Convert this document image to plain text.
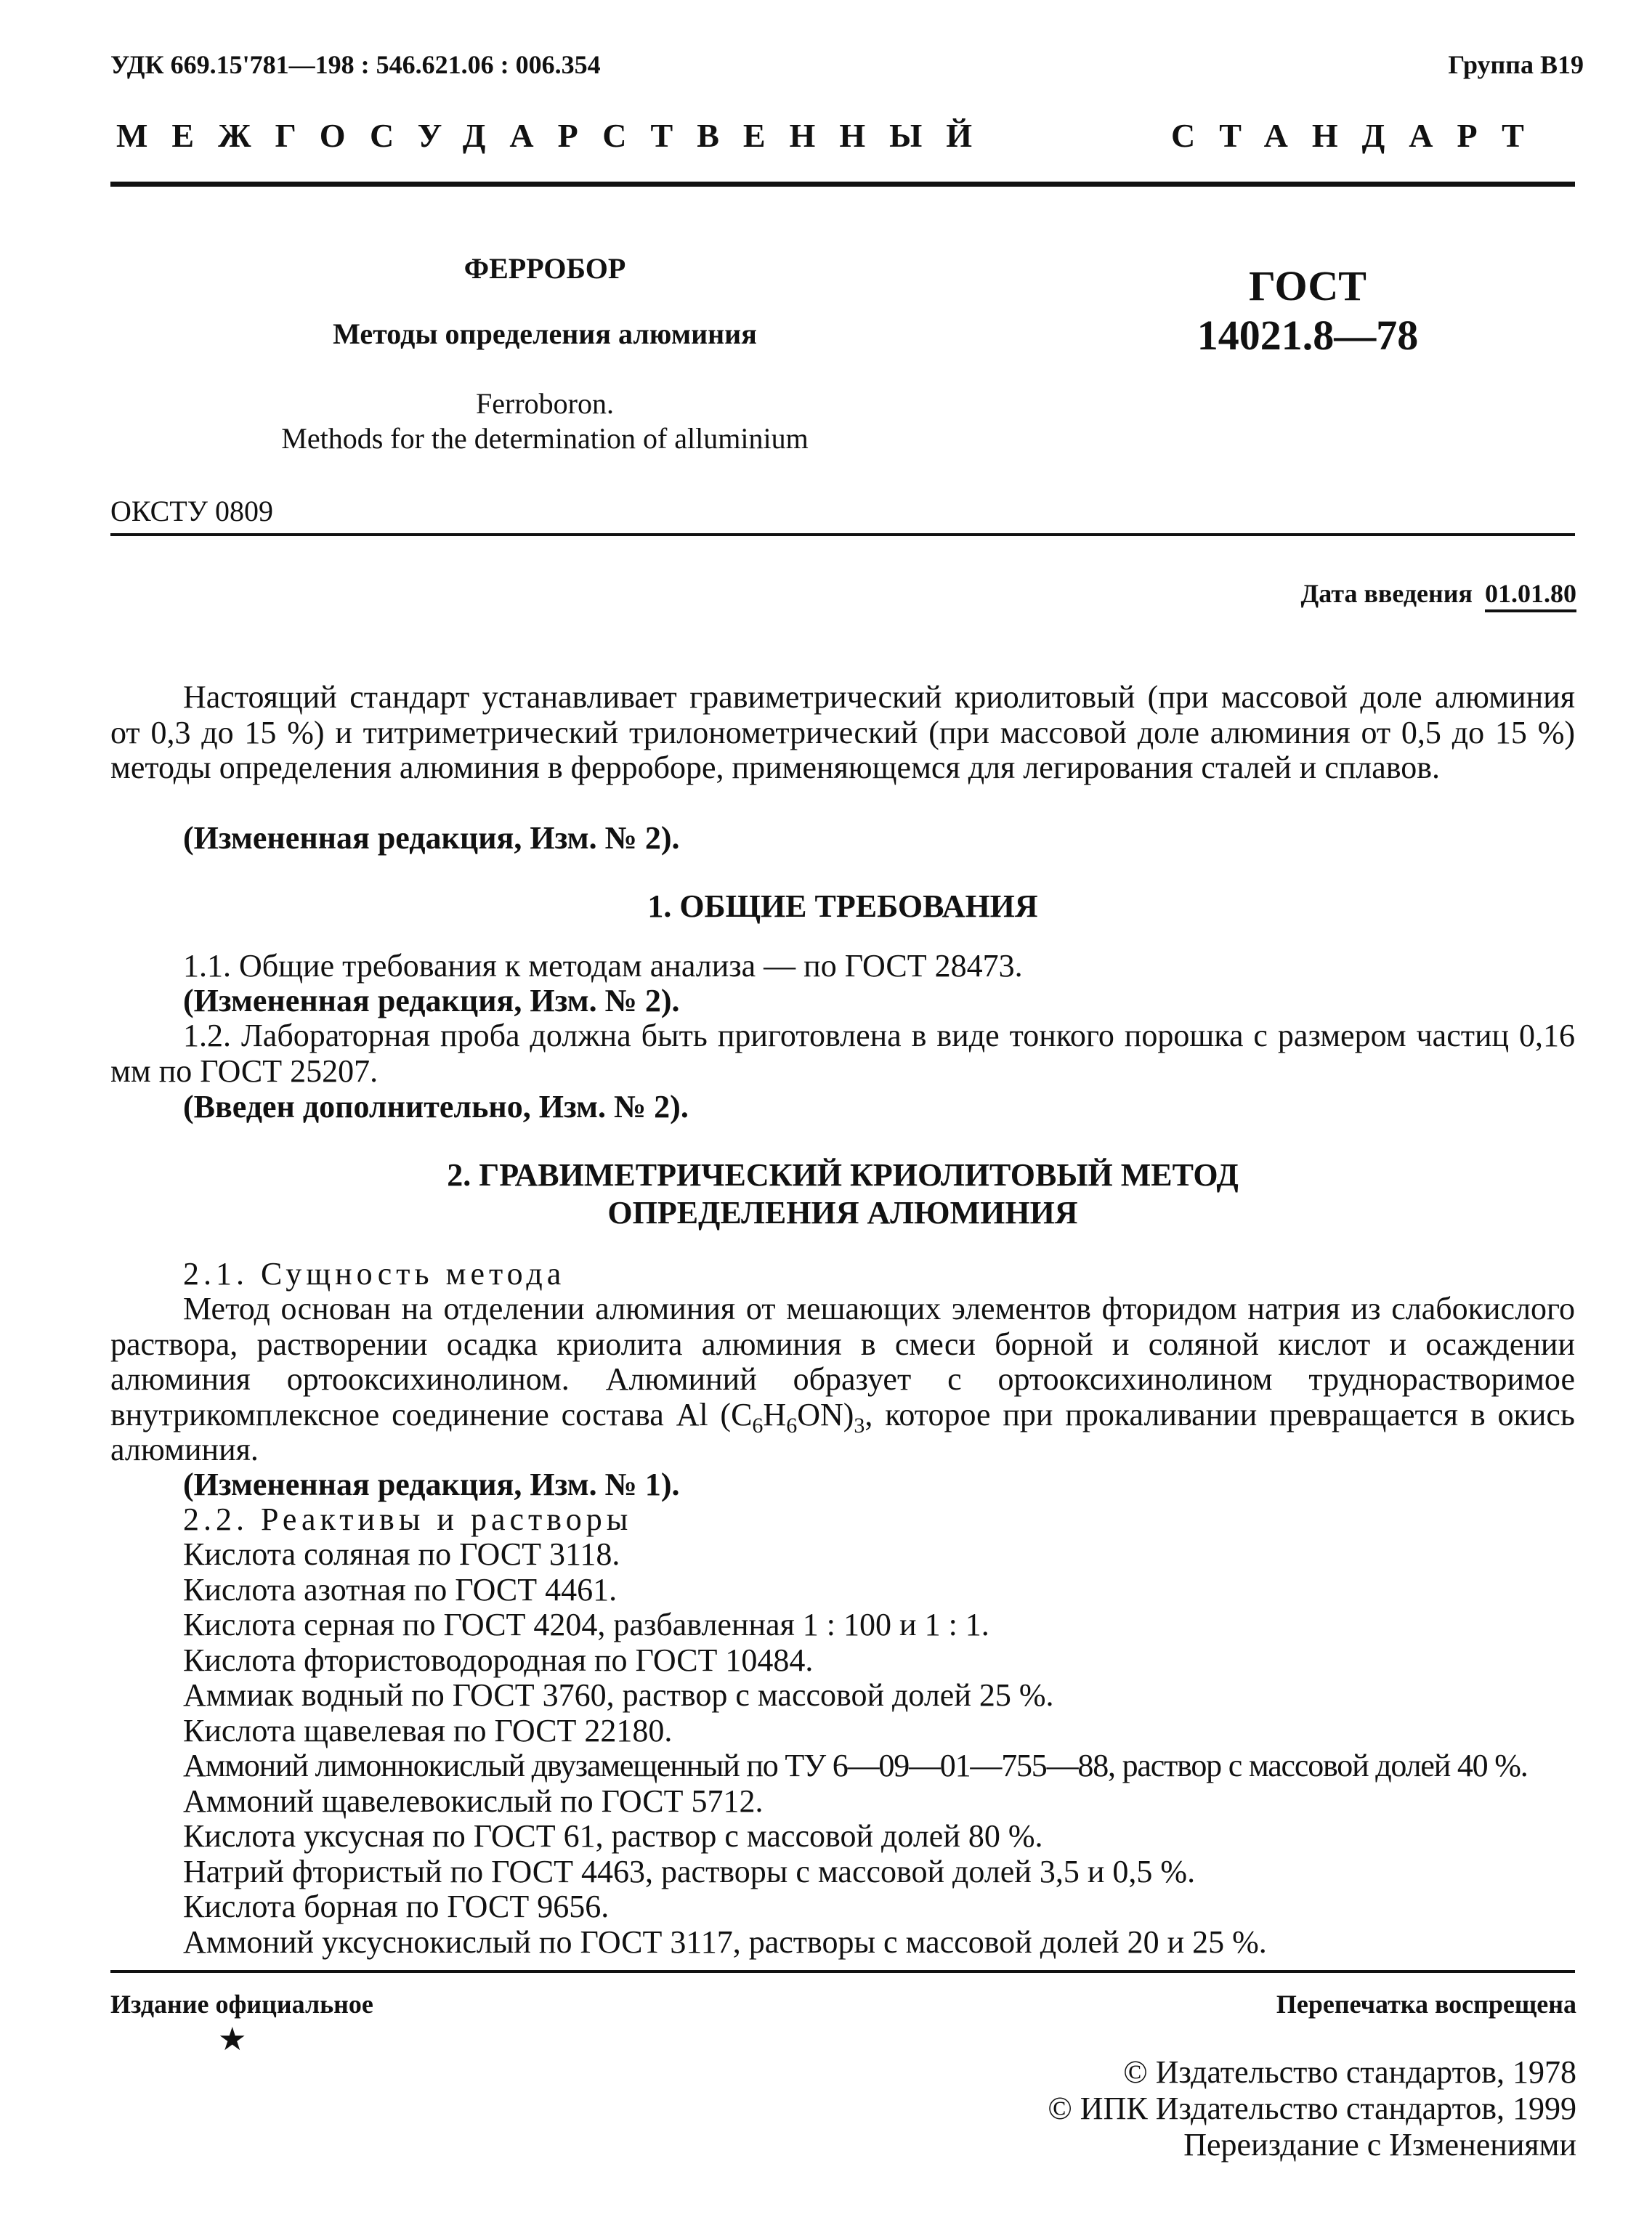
УДК 669.15'781—198 : 546.621.06 : 006.354	Группа В19
МЕЖГОСУДАРСТВЕННЫЙ	СТАНДАРТ
ФЕРРОБОР
Методы определения алюминия
Ferroboron.
Methods for the determination of alluminium
ГОСТ
14021.8—78
ОКСТУ 0809
Дата введения 01.01.80
Настоящий стандарт устанавливает гравиметрический криолитовый (при массовой доле алюминия от 0,3 до 15 %) и титриметрический трилонометрический (при массовой доле алюминия от 0,5 до 15 %) методы определения алюминия в ферроборе, применяющемся для легирования сталей и сплавов.
(Измененная редакция, Изм. № 2).
1. ОБЩИЕ ТРЕБОВАНИЯ
1.1. Общие требования к методам анализа — по ГОСТ 28473.
(Измененная редакция, Изм. № 2).
1.2. Лабораторная проба должна быть приготовлена в виде тонкого порошка с размером частиц 0,16 мм по ГОСТ 25207.
(Введен дополнительно, Изм. № 2).
2. ГРАВИМЕТРИЧЕСКИЙ КРИОЛИТОВЫЙ МЕТОД
ОПРЕДЕЛЕНИЯ АЛЮМИНИЯ
2.1. Сущность метода
Метод основан на отделении алюминия от мешающих элементов фторидом натрия из слабокислого раствора, растворении осадка криолита алюминия в смеси борной и соляной кислот и осаждении алюминия ортооксихинолином. Алюминий образует с ортооксихинолином труднорастворимое внутрикомплексное соединение состава Al $(C_6H_6ON)_3$, которое при прокаливании превращается в окись алюминия.
(Измененная редакция, Изм. № 1).
2.2. Реактивы и растворы
Кислота соляная по ГОСТ 3118.
Кислота азотная по ГОСТ 4461.
Кислота серная по ГОСТ 4204, разбавленная 1 : 100 и 1 : 1.
Кислота фтористоводородная по ГОСТ 10484.
Аммиак водный по ГОСТ 3760, раствор с массовой долей 25 %.
Кислота щавелевая по ГОСТ 22180.
Аммоний лимоннокислый двузамещенный по ТУ 6—09—01—755—88, раствор с массовой долей 40 %.
Аммоний щавелевокислый по ГОСТ 5712.
Кислота уксусная по ГОСТ 61, раствор с массовой долей 80 %.
Натрий фтористый по ГОСТ 4463, растворы с массовой долей 3,5 и 0,5 %.
Кислота борная по ГОСТ 9656.
Аммоний уксуснокислый по ГОСТ 3117, растворы с массовой долей 20 и 25 %.
Издание официальное
★
Перепечатка воспрещена
© Издательство стандартов, 1978
© ИПК Издательство стандартов, 1999
Переиздание с Изменениями
